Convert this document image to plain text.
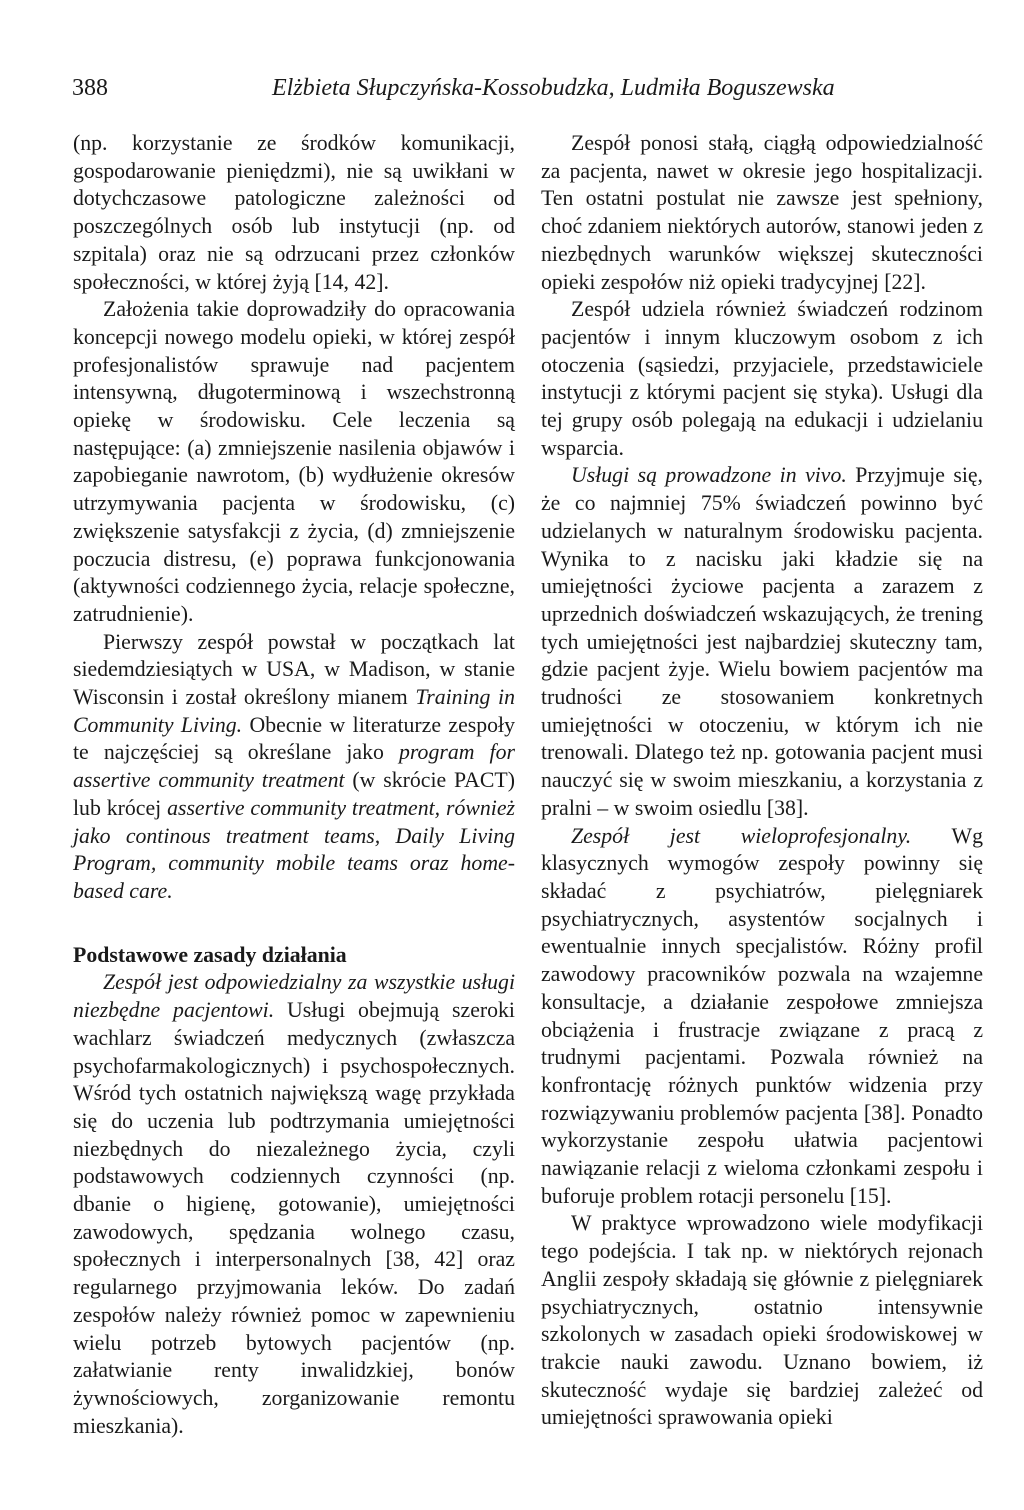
388	Elżbieta Słupczyńska-Kossobudzka, Ludmiła Boguszewska

(np. korzystanie ze środków komunikacji, gospodarowanie pieniędzmi), nie są uwikłani w dotychczasowe patologiczne zależności od poszczególnych osób lub instytucji (np. od szpitala) oraz nie są odrzucani przez członków społeczności, w której żyją [14, 42].

Założenia takie doprowadziły do opracowania koncepcji nowego modelu opieki, w której zespół profesjonalistów sprawuje nad pacjentem intensywną, długoterminową i wszechstronną opiekę w środowisku. Cele leczenia są następujące: (a) zmniejszenie nasilenia objawów i zapobieganie nawrotom, (b) wydłużenie okresów utrzymywania pacjenta w środowisku, (c) zwiększenie satysfakcji z życia, (d) zmniejszenie poczucia distresu, (e) poprawa funkcjonowania (aktywności codziennego życia, relacje społeczne, zatrudnienie).

Pierwszy zespół powstał w początkach lat siedemdziesiątych w USA, w Madison, w stanie Wisconsin i został określony mianem Training in Community Living. Obecnie w literaturze zespoły te najczęściej są określane jako program for assertive community treatment (w skrócie PACT) lub krócej assertive community treatment, również jako continous treatment teams, Daily Living Program, community mobile teams oraz home-based care.

Podstawowe zasady działania

Zespół jest odpowiedzialny za wszystkie usługi niezbędne pacjentowi. Usługi obejmują szeroki wachlarz świadczeń medycznych (zwłaszcza psychofarmakologicznych) i psychospołecznych. Wśród tych ostatnich największą wagę przykłada się do uczenia lub podtrzymania umiejętności niezbędnych do niezależnego życia, czyli podstawowych codziennych czynności (np. dbanie o higienę, gotowanie), umiejętności zawodowych, spędzania wolnego czasu, społecznych i interpersonalnych [38, 42] oraz regularnego przyjmowania leków. Do zadań zespołów należy również pomoc w zapewnieniu wielu potrzeb bytowych pacjentów (np. załatwianie renty inwalidzkiej, bonów żywnościowych, zorganizowanie remontu mieszkania).

Zespół ponosi stałą, ciągłą odpowiedzialność za pacjenta, nawet w okresie jego hospitalizacji. Ten ostatni postulat nie zawsze jest spełniony, choć zdaniem niektórych autorów, stanowi jeden z niezbędnych warunków większej skuteczności opieki zespołów niż opieki tradycyjnej [22].

Zespół udziela również świadczeń rodzinom pacjentów i innym kluczowym osobom z ich otoczenia (sąsiedzi, przyjaciele, przedstawiciele instytucji z którymi pacjent się styka). Usługi dla tej grupy osób polegają na edukacji i udzielaniu wsparcia.

Usługi są prowadzone in vivo. Przyjmuje się, że co najmniej 75% świadczeń powinno być udzielanych w naturalnym środowisku pacjenta. Wynika to z nacisku jaki kładzie się na umiejętności życiowe pacjenta a zarazem z uprzednich doświadczeń wskazujących, że trening tych umiejętności jest najbardziej skuteczny tam, gdzie pacjent żyje. Wielu bowiem pacjentów ma trudności ze stosowaniem konkretnych umiejętności w otoczeniu, w którym ich nie trenowali. Dlatego też np. gotowania pacjent musi nauczyć się w swoim mieszkaniu, a korzystania z pralni – w swoim osiedlu [38].

Zespół jest wieloprofesjonalny. Wg klasycznych wymogów zespoły powinny się składać z psychiatrów, pielęgniarek psychiatrycznych, asystentów socjalnych i ewentualnie innych specjalistów. Różny profil zawodowy pracowników pozwala na wzajemne konsultacje, a działanie zespołowe zmniejsza obciążenia i frustracje związane z pracą z trudnymi pacjentami. Pozwala również na konfrontację różnych punktów widzenia przy rozwiązywaniu problemów pacjenta [38]. Ponadto wykorzystanie zespołu ułatwia pacjentowi nawiązanie relacji z wieloma członkami zespołu i buforuje problem rotacji personelu [15].

W praktyce wprowadzono wiele modyfikacji tego podejścia. I tak np. w niektórych rejonach Anglii zespoły składają się głównie z pielęgniarek psychiatrycznych, ostatnio intensywnie szkolonych w zasadach opieki środowiskowej w trakcie nauki zawodu. Uznano bowiem, iż skuteczność wydaje się bardziej zależeć od umiejętności sprawowania opieki
